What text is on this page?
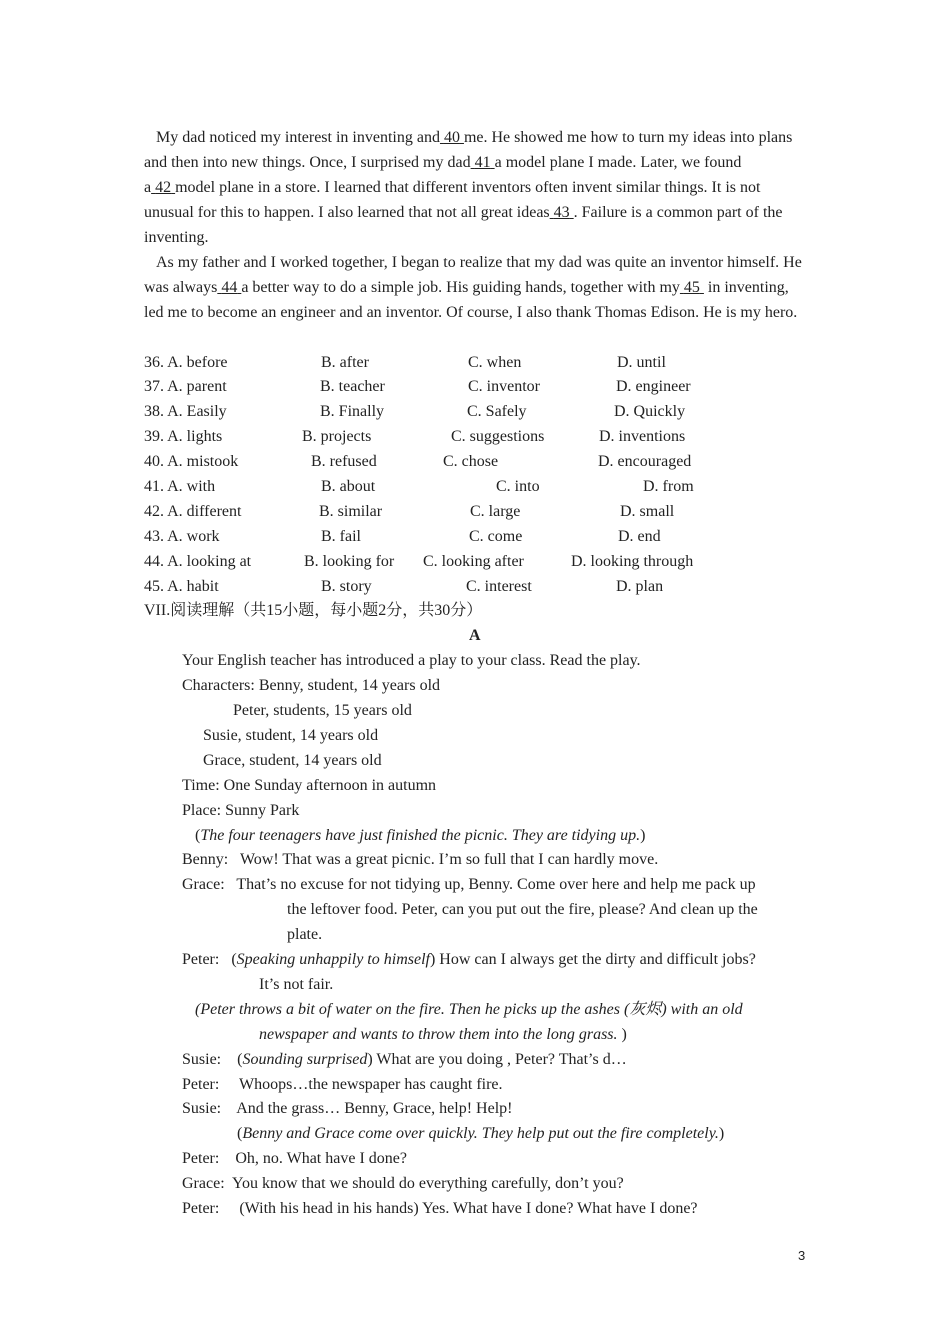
My dad noticed my interest in inventing and 40 me. He showed me how to turn my ideas into plans and then into new things. Once, I surprised my dad 41 a model plane I made. Later, we found a 42 model plane in a store. I learned that different inventors often invent similar things. It is not unusual for this to happen. I also learned that not all great ideas 43 . Failure is a common part of the inventing.

As my father and I worked together, I began to realize that my dad was quite an inventor himself. He was always 44 a better way to do a simple job. His guiding hands, together with my 45 in inventing, led me to become an engineer and an inventor. Of course, I also thank Thomas Edison. He is my hero.

36. A. before	B. after	C. when	D. until
37. A. parent	B. teacher	C. inventor	D. engineer
38. A. Easily	B. Finally	C. Safely	D. Quickly
39. A. lights	B. projects	C. suggestions	D. inventions
40. A. mistook	B. refused	C. chose	D. encouraged
41. A. with	B. about	C. into	D. from
42. A. different	B. similar	C. large	D. small
43. A. work	B. fail	C. come	D. end
44. A. looking at	B. looking for C. looking after	D. looking through
45. A. habit	B. story	C. interest	D. plan
VII.阅读理解（共15小题，每小题2分，共30分）
A
Your English teacher has introduced a play to your class. Read the play.
Characters: Benny, student, 14 years old
Peter, students, 15 years old
Susie, student, 14 years old
Grace, student, 14 years old
Time: One Sunday afternoon in autumn
Place: Sunny Park
(The four teenagers have just finished the picnic. They are tidying up.)
Benny: Wow! That was a great picnic. I’m so full that I can hardly move.
Grace: That’s no excuse for not tidying up, Benny. Come over here and help me pack up
the leftover food. Peter, can you put out the fire, please? And clean up the
plate.
Peter:   (Speaking unhappily to himself) How can I always get the dirty and difficult jobs?
It’s not fair.
(Peter throws a bit of water on the fire. Then he picks up the ashes (灰烬) with an old
newspaper and wants to throw them into the long grass. )
Susie:    (Sounding surprised) What are you doing , Peter? That’s d…
Peter: Whoops…the newspaper has caught fire.
Susie: And the grass… Benny, Grace, help! Help!
(Benny and Grace come over quickly. They help put out the fire completely.)
Peter: Oh, no. What have I done?
Grace: You know that we should do everything carefully, don’t you?
Peter: (With his head in his hands) Yes. What have I done? What have I done?
3
